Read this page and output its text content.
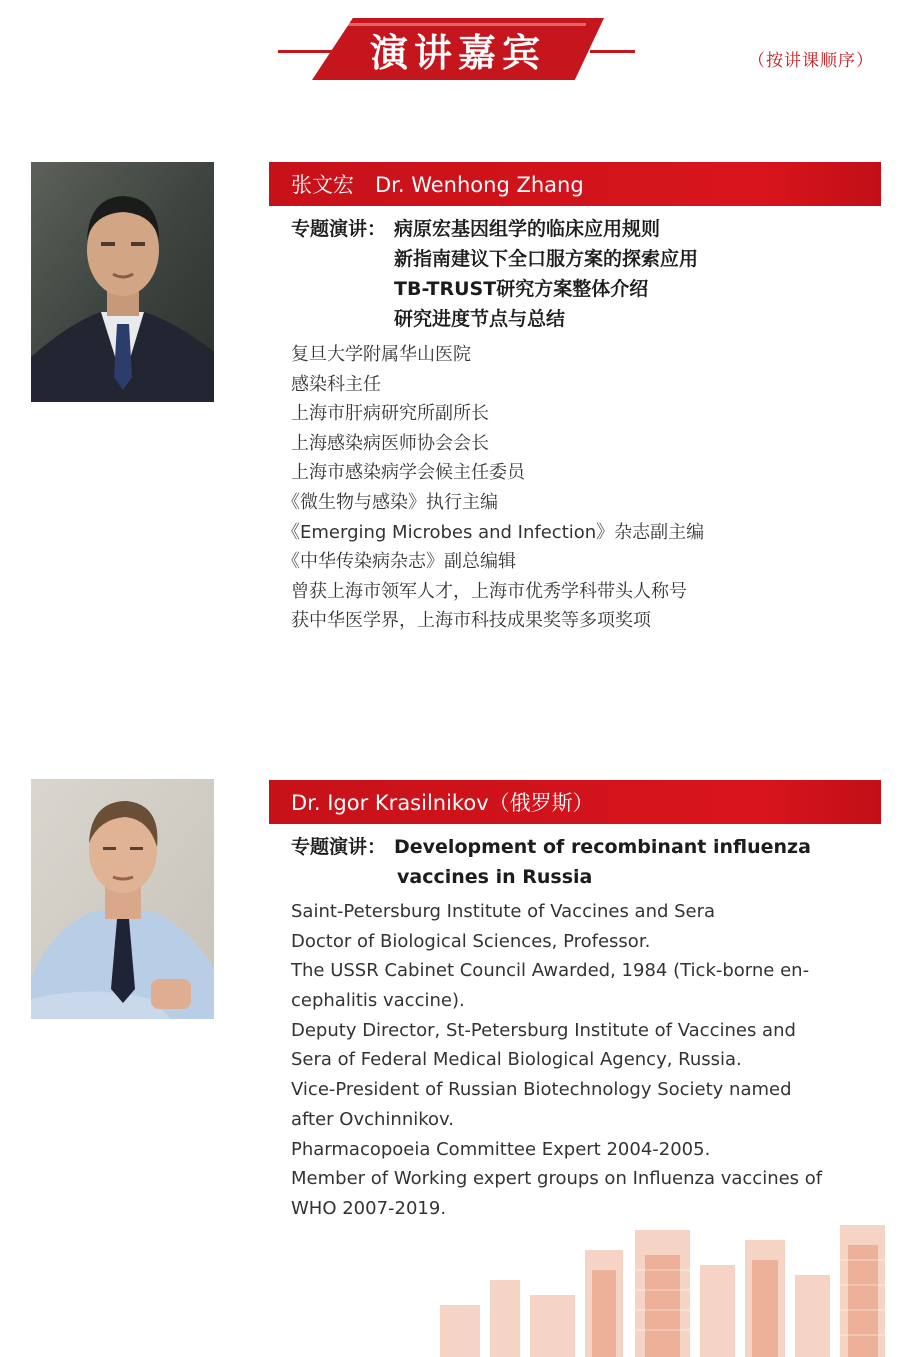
演讲嘉宾	（按讲课顺序）
张文宏　Dr. Wenhong Zhang
专题演讲： 病原宏基因组学的临床应用规则
新指南建议下全口服方案的探索应用
TB-TRUST研究方案整体介绍
研究进度节点与总结
复旦大学附属华山医院
感染科主任
上海市肝病研究所副所长
上海感染病医师协会会长
上海市感染病学会候主任委员
《微生物与感染》执行主编
《Emerging Microbes and Infection》杂志副主编
《中华传染病杂志》副总编辑
曾获上海市领军人才，上海市优秀学科带头人称号
获中华医学界，上海市科技成果奖等多项奖项
Dr. Igor Krasilnikov（俄罗斯）
专题演讲： Development of recombinant influenza
vaccines in Russia
Saint-Petersburg Institute of Vaccines and Sera
Doctor of Biological Sciences, Professor.
The USSR Cabinet Council Awarded, 1984 (Tick-borne en-
cephalitis vaccine).
Deputy Director, St-Petersburg Institute of Vaccines and
Sera of Federal Medical Biological Agency, Russia.
Vice-President of Russian Biotechnology Society named
after Ovchinnikov.
Pharmacopoeia Committee Expert 2004-2005.
Member of Working expert groups on Influenza vaccines of
WHO 2007-2019.
